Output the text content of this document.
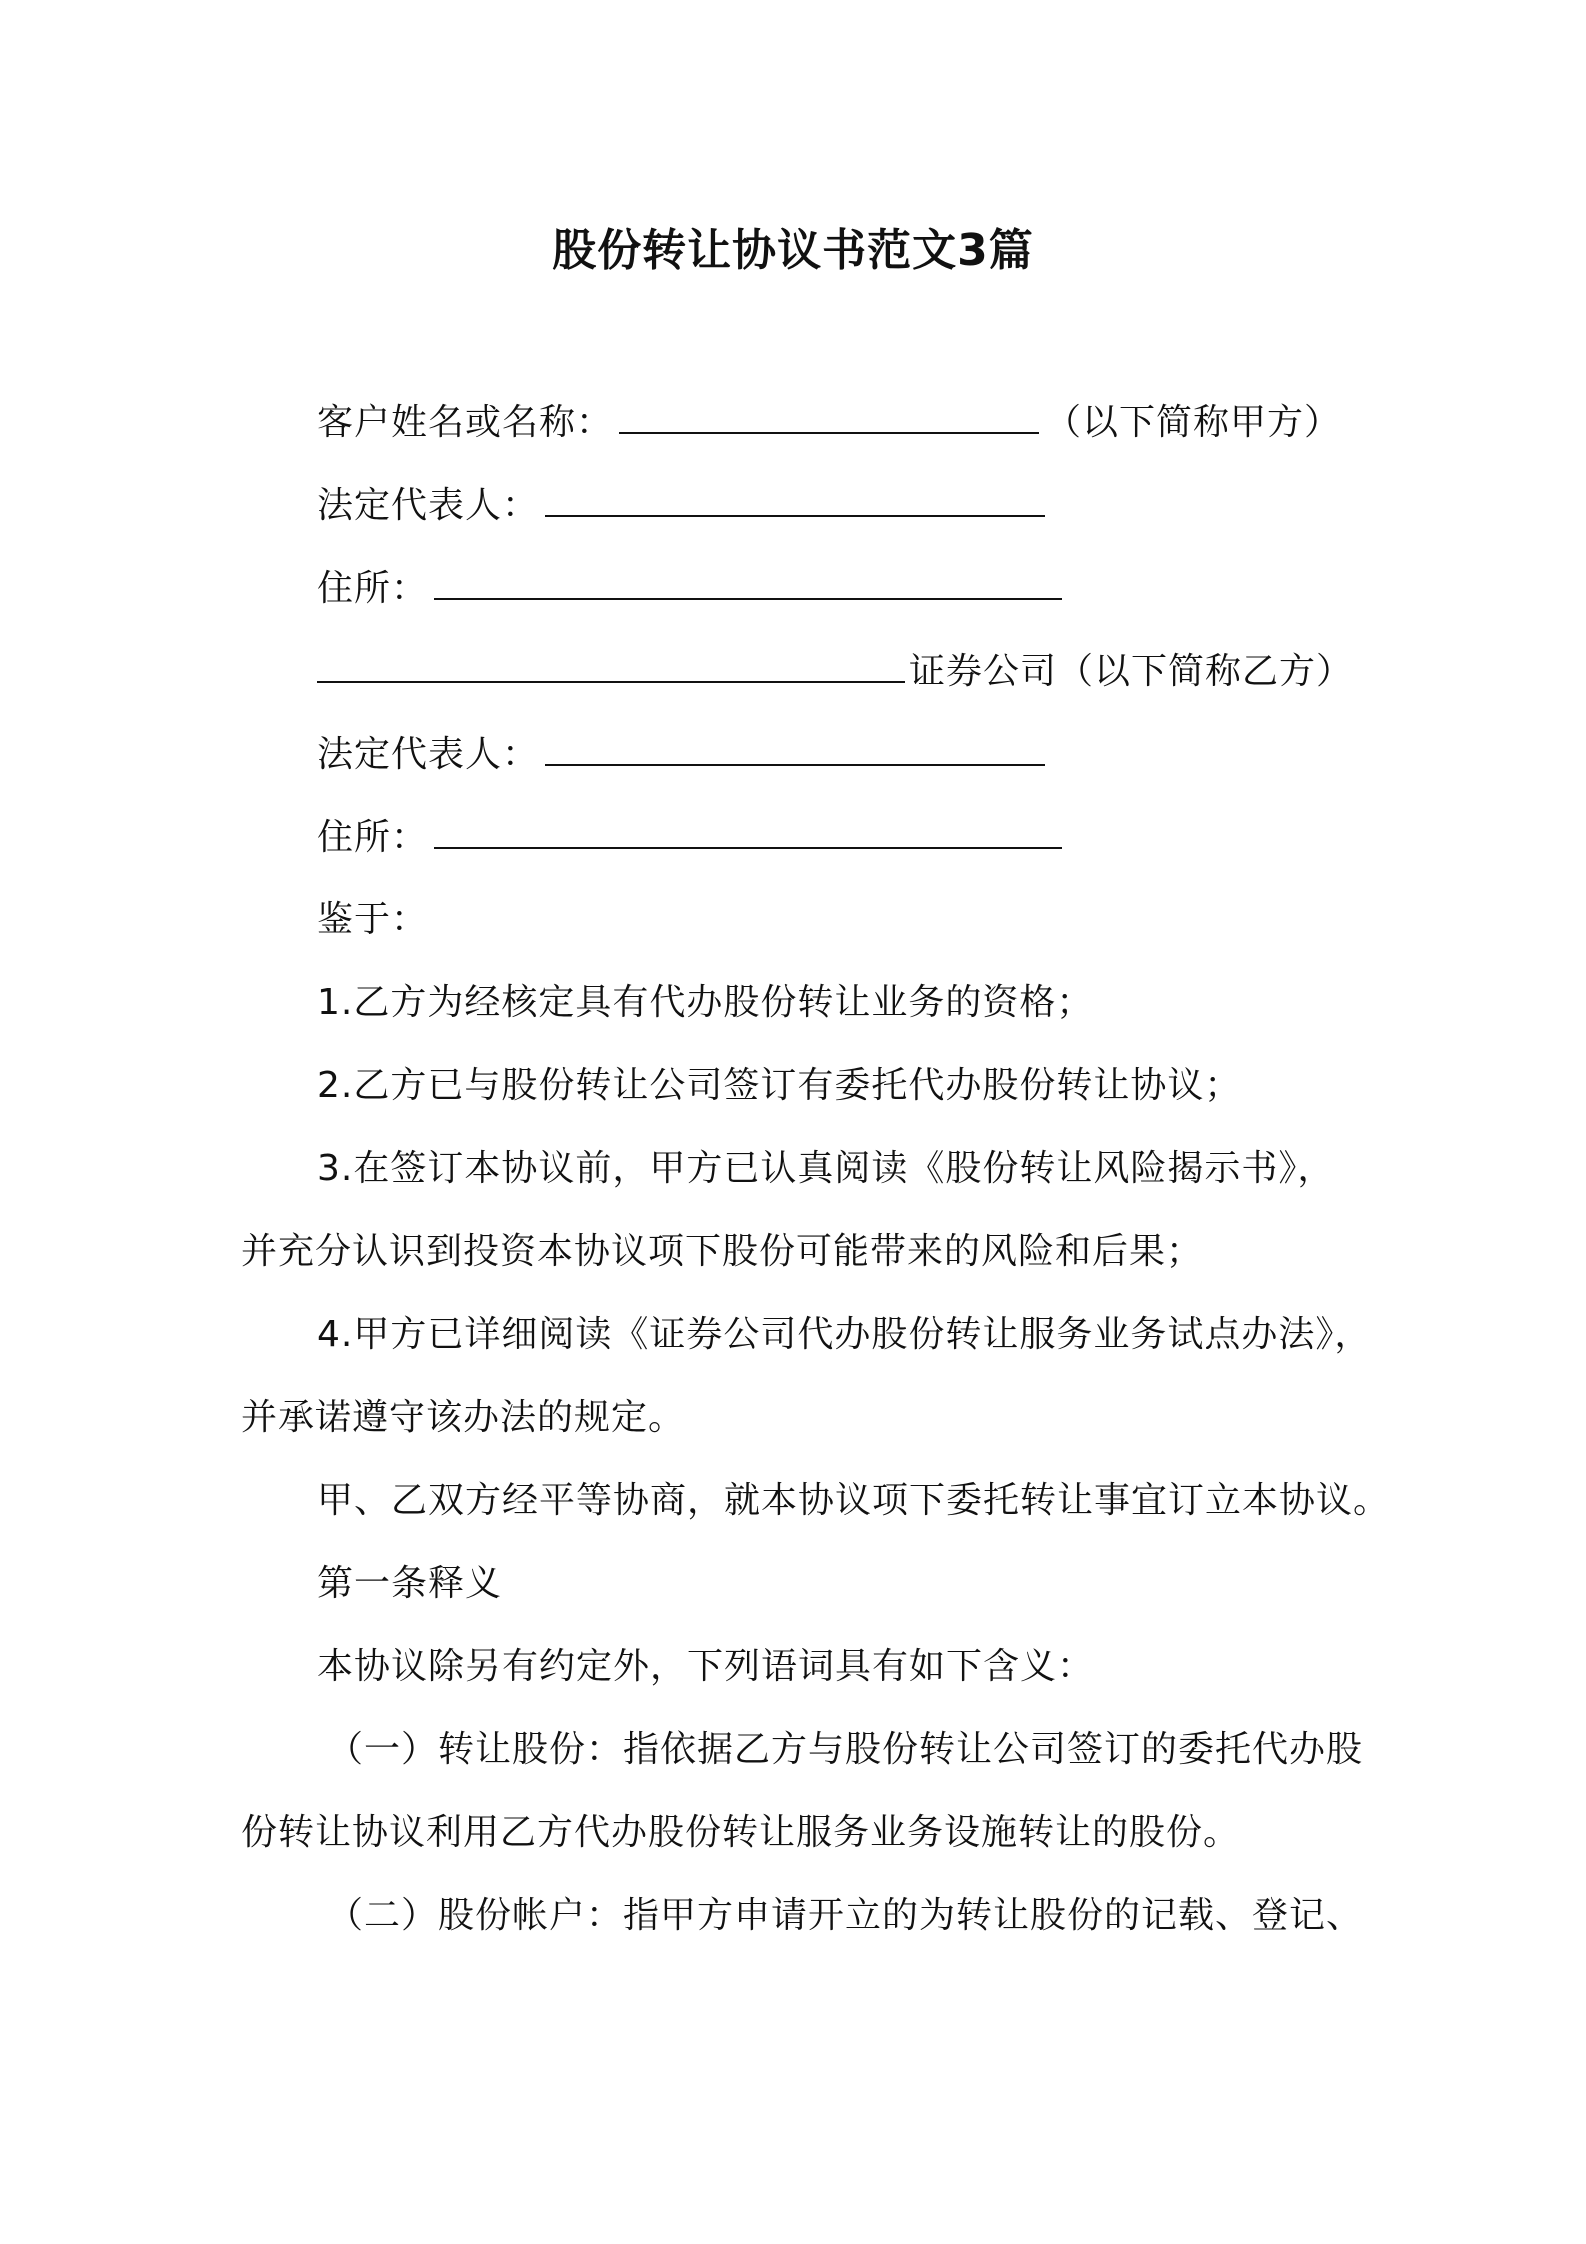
股份转让协议书范文3篇
客户姓名或名称：	（以下简称甲方）
法定代表人：
住所：
证券公司（以下简称乙方）
法定代表人：
住所：
鉴于：
1.乙方为经核定具有代办股份转让业务的资格；
2.乙方已与股份转让公司签订有委托代办股份转让协议；
3.在签订本协议前，甲方已认真阅读《股份转让风险揭示书》，
并充分认识到投资本协议项下股份可能带来的风险和后果；
4.甲方已详细阅读《证券公司代办股份转让服务业务试点办法》，
并承诺遵守该办法的规定。
甲、乙双方经平等协商，就本协议项下委托转让事宜订立本协议。
第一条释义
本协议除另有约定外，下列语词具有如下含义：
（一）转让股份：指依据乙方与股份转让公司签订的委托代办股
份转让协议利用乙方代办股份转让服务业务设施转让的股份。
（二）股份帐户：指甲方申请开立的为转让股份的记载、登记、
